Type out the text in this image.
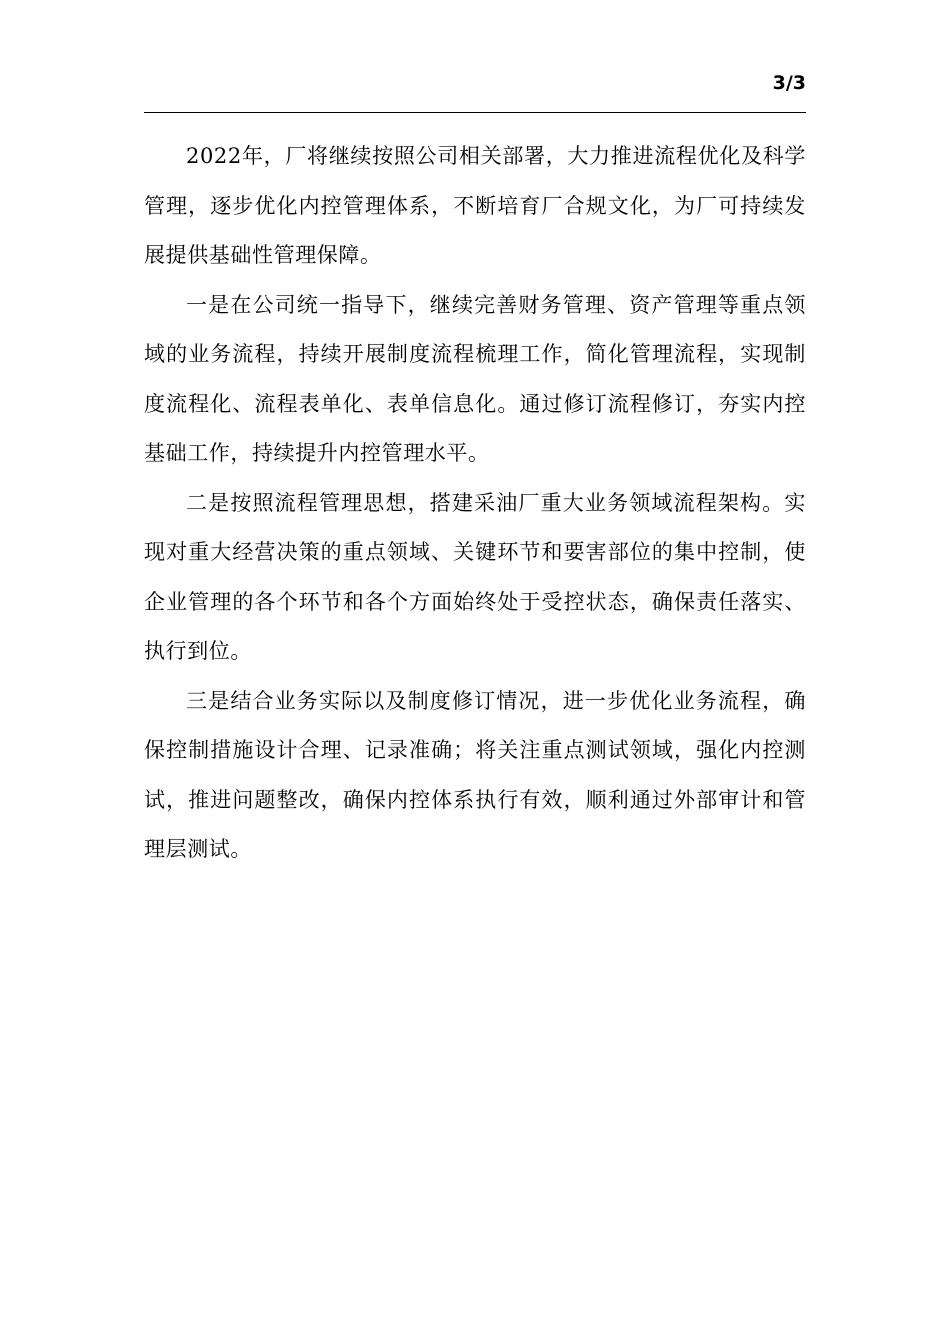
3/3

2022年，厂将继续按照公司相关部署，大力推进流程优化及科学管理，逐步优化内控管理体系，不断培育厂合规文化，为厂可持续发展提供基础性管理保障。

一是在公司统一指导下，继续完善财务管理、资产管理等重点领域的业务流程，持续开展制度流程梳理工作，简化管理流程，实现制度流程化、流程表单化、表单信息化。通过修订流程修订，夯实内控基础工作，持续提升内控管理水平。

二是按照流程管理思想，搭建采油厂重大业务领域流程架构。实现对重大经营决策的重点领域、关键环节和要害部位的集中控制，使企业管理的各个环节和各个方面始终处于受控状态，确保责任落实、执行到位。

三是结合业务实际以及制度修订情况，进一步优化业务流程，确保控制措施设计合理、记录准确；将关注重点测试领域，强化内控测试，推进问题整改，确保内控体系执行有效，顺利通过外部审计和管理层测试。
